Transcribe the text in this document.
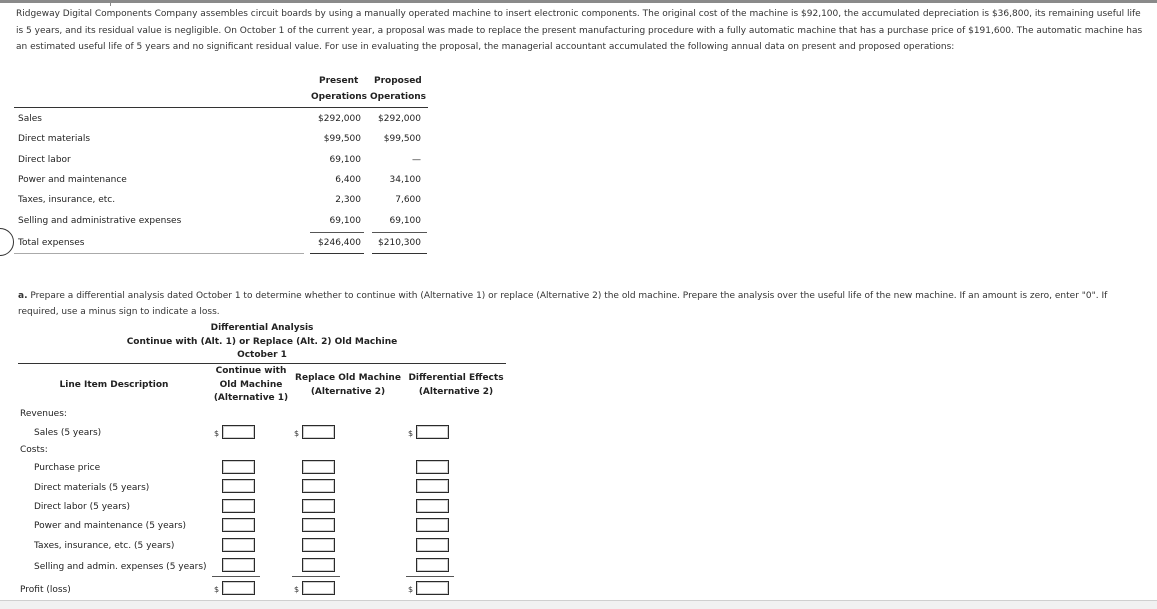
Ridgeway Digital Components Company assembles circuit boards by using a manually operated machine to insert electronic components. The original cost of the machine is $92,100, the accumulated depreciation is $36,800, its remaining useful life is 5 years, and its residual value is negligible. On October 1 of the current year, a proposal was made to replace the present manufacturing procedure with a fully automatic machine that has a purchase price of $191,600. The automatic machine has an estimated useful life of 5 years and no significant residual value. For use in evaluating the proposal, the managerial accountant accumulated the following annual data on present and proposed operations:
Present Proposed
Operations Operations
Sales	$292,000	$292,000
Direct materials	$99,500	$99,500
Direct labor	69,100	—
Power and maintenance	6,400	34,100
Taxes, insurance, etc.	2,300	7,600
Selling and administrative expenses	69,100	69,100
Total expenses	$246,400	$210,300
a. Prepare a differential analysis dated October 1 to determine whether to continue with (Alternative 1) or replace (Alternative 2) the old machine. Prepare the analysis over the useful life of the new machine. If an amount is zero, enter "0". If required, use a minus sign to indicate a loss.
Differential Analysis
Continue with (Alt. 1) or Replace (Alt. 2) Old Machine
October 1
Line Item Description
Continue with
Old Machine
(Alternative 1)
Replace Old Machine
(Alternative 2)
Differential Effects
(Alternative 2)
Revenues:
Sales (5 years)	$	$	$
Costs:
Purchase price
Direct materials (5 years)
Direct labor (5 years)
Power and maintenance (5 years)
Taxes, insurance, etc. (5 years)
Selling and admin. expenses (5 years)
Profit (loss)	$	$	$
